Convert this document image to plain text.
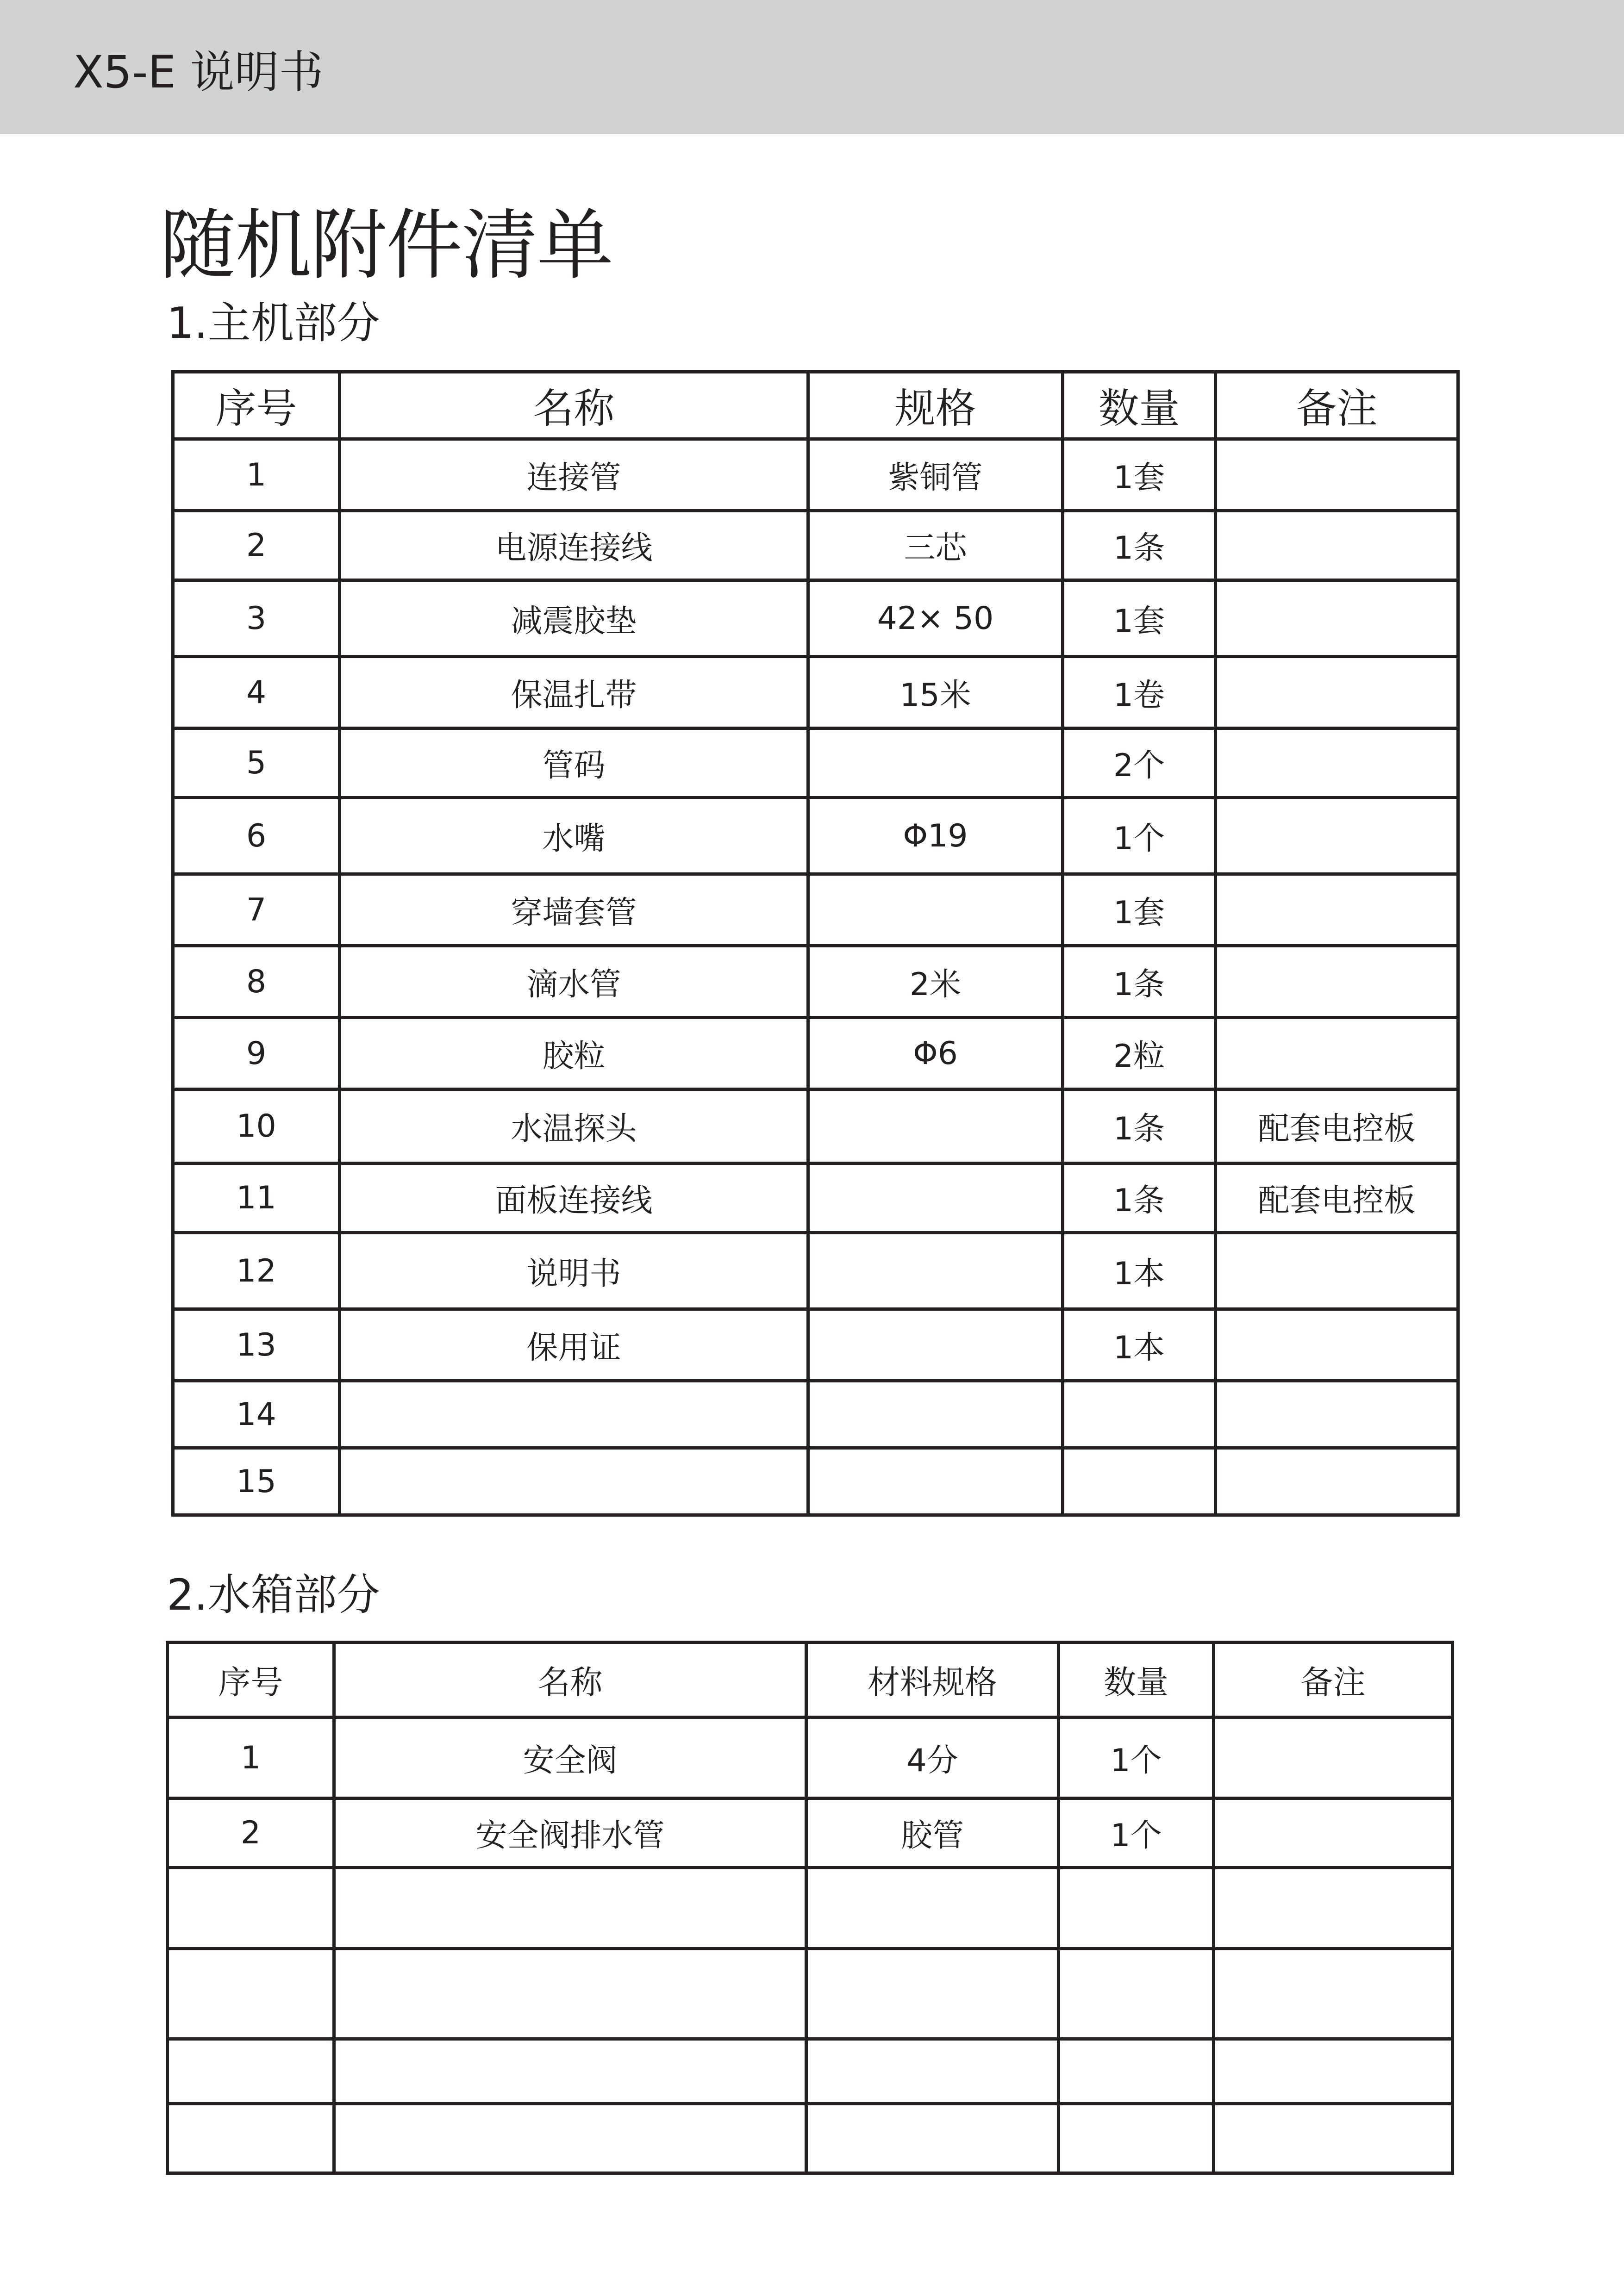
X5-E 说明书
随机附件清单
1.主机部分
序号	名称	规格	数量	备注
1	连接管	紫铜管	1套	
2	电源连接线	三芯	1条	
3	减震胶垫	42× 50	1套	
4	保温扎带	15米	1卷	
5	管码		2个	
6	水嘴	Φ19	1个	
7	穿墙套管		1套	
8	滴水管	2米	1条	
9	胶粒	Φ6	2粒	
10	水温探头		1条	配套电控板
11	面板连接线		1条	配套电控板
12	说明书		1本	
13	保用证		1本	
14				
15				
2.水箱部分
序号	名称	材料规格	数量	备注
1	安全阀	4分	1个	
2	安全阀排水管	胶管	1个	
